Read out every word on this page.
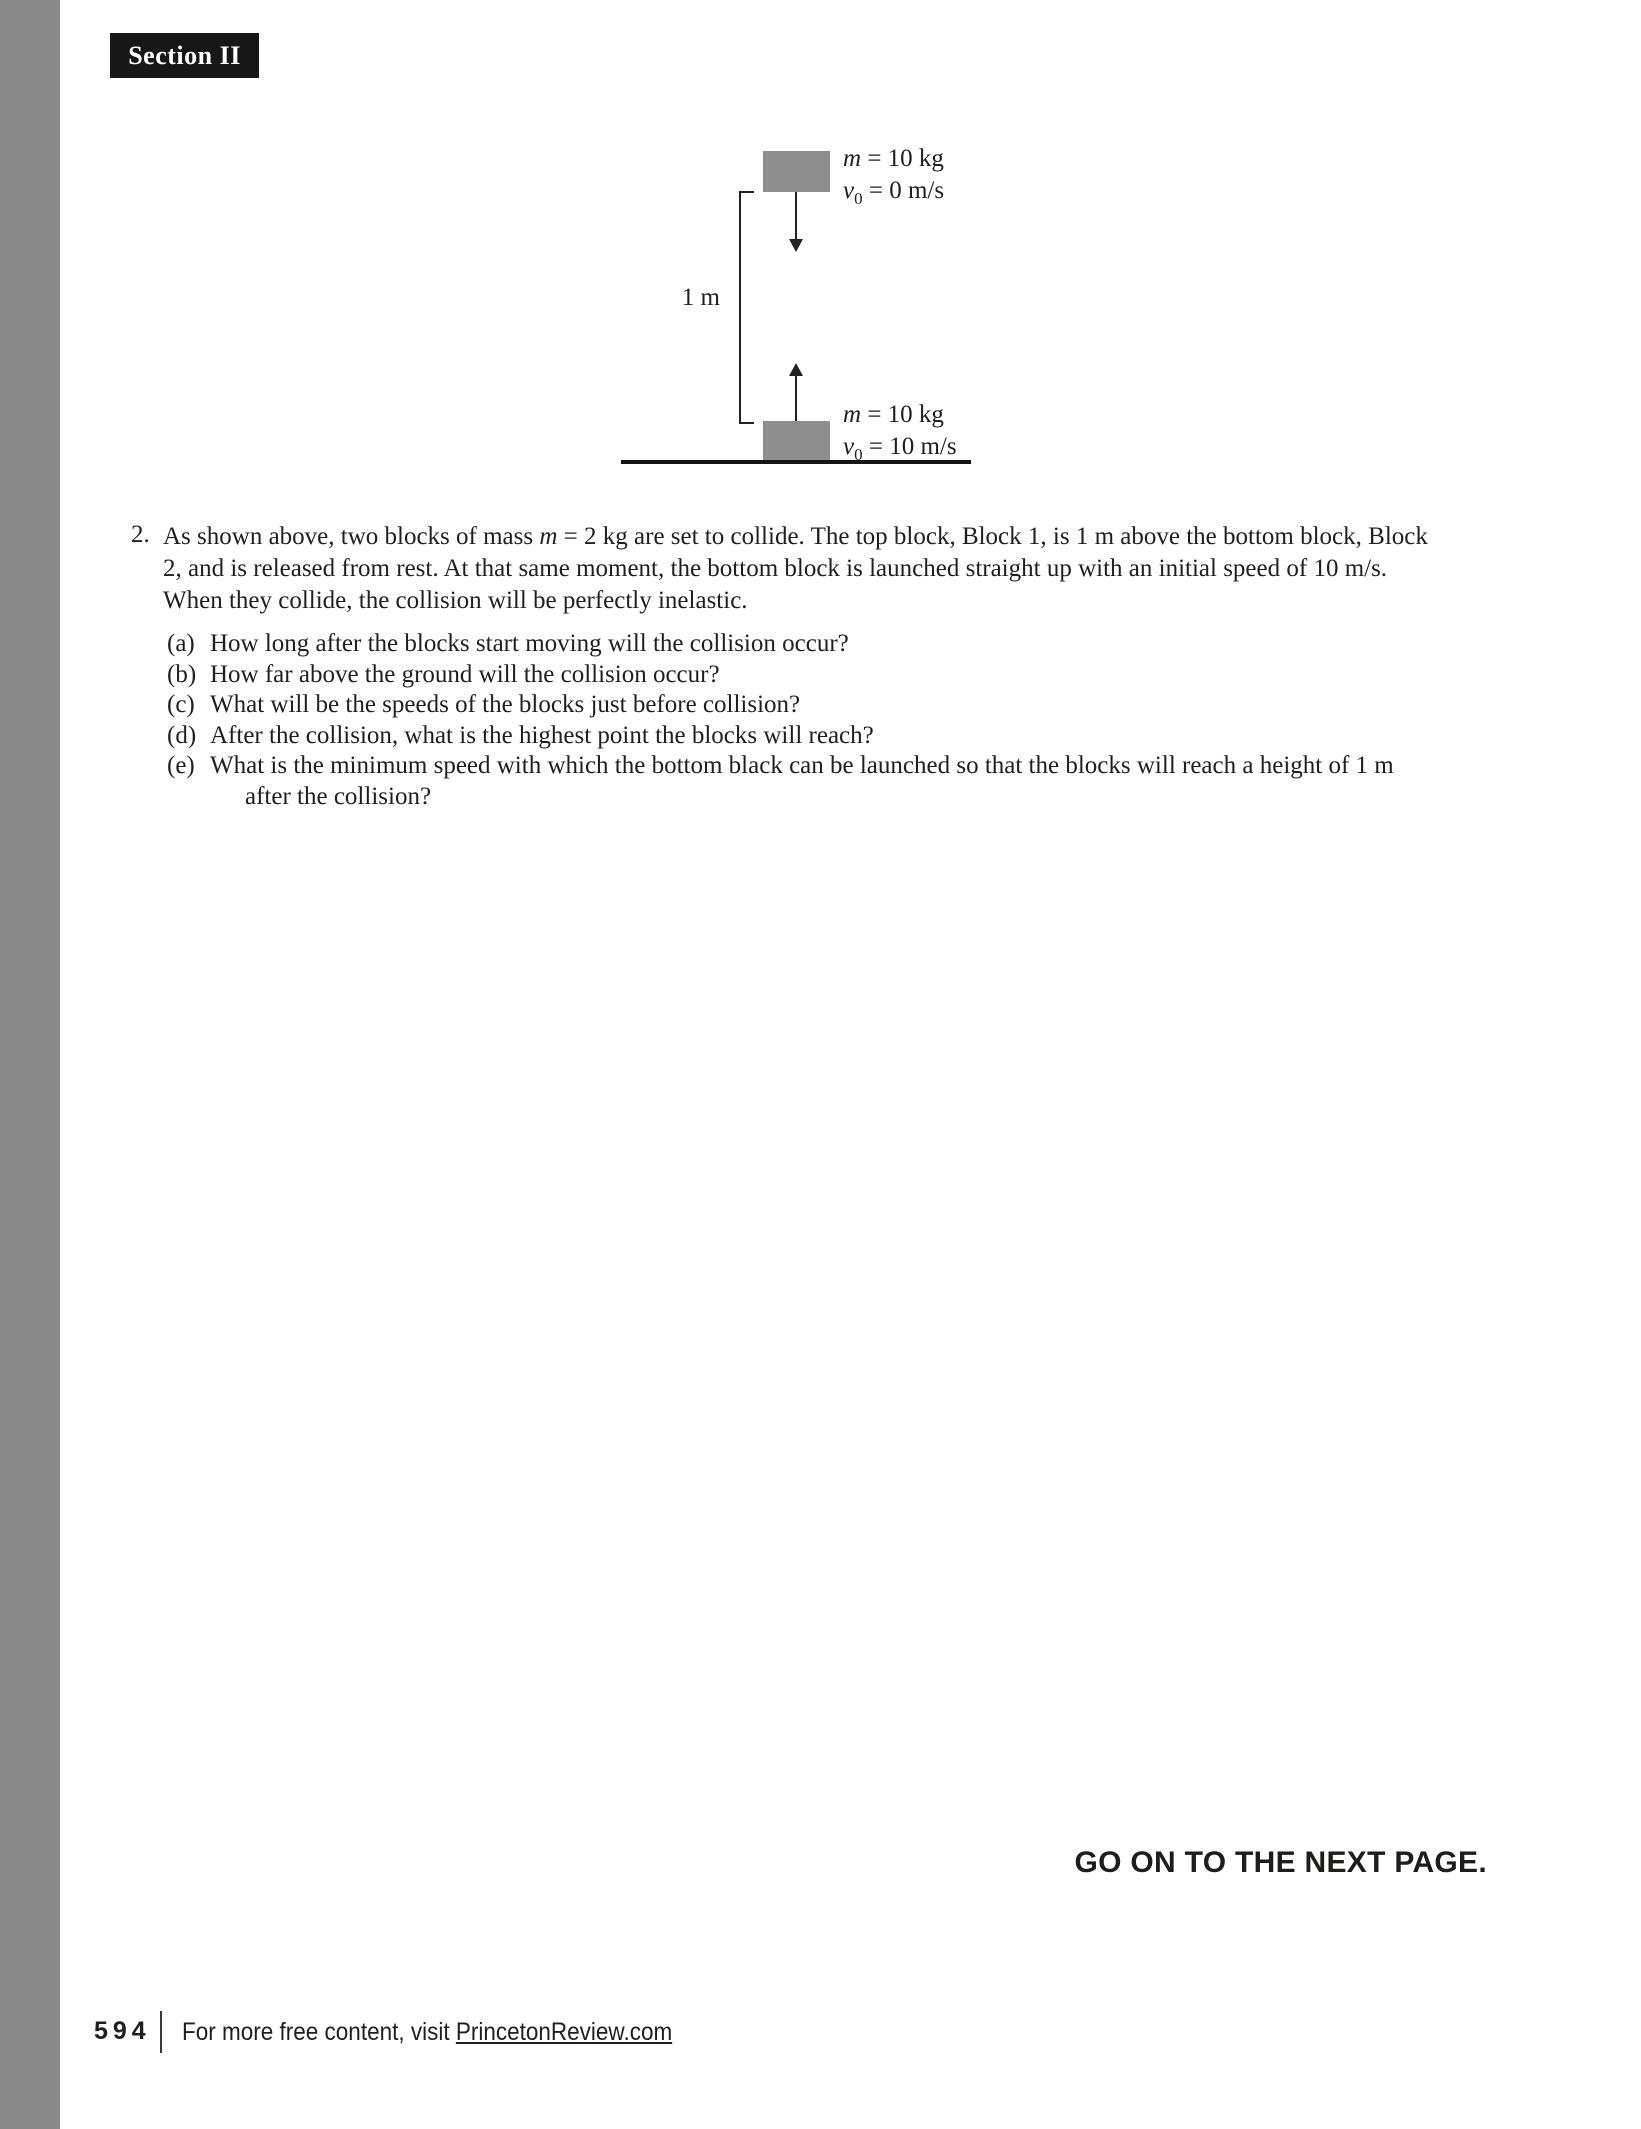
Section II
1 m
m = 10 kg
$v_0 = 0$ m/s
m = 10 kg
$v_0 = 10$ m/s
2. As shown above, two blocks of mass m = 2 kg are set to collide. The top block, Block 1, is 1 m above the bottom block, Block
2, and is released from rest. At that same moment, the bottom block is launched straight up with an initial speed of 10 m/s.
When they collide, the collision will be perfectly inelastic.
(a) How long after the blocks start moving will the collision occur?
(b) How far above the ground will the collision occur?
(c) What will be the speeds of the blocks just before collision?
(d) After the collision, what is the highest point the blocks will reach?
(e) What is the minimum speed with which the bottom black can be launched so that the blocks will reach a height of 1 m
after the collision?
GO ON TO THE NEXT PAGE.
594 For more free content, visit PrincetonReview.com
